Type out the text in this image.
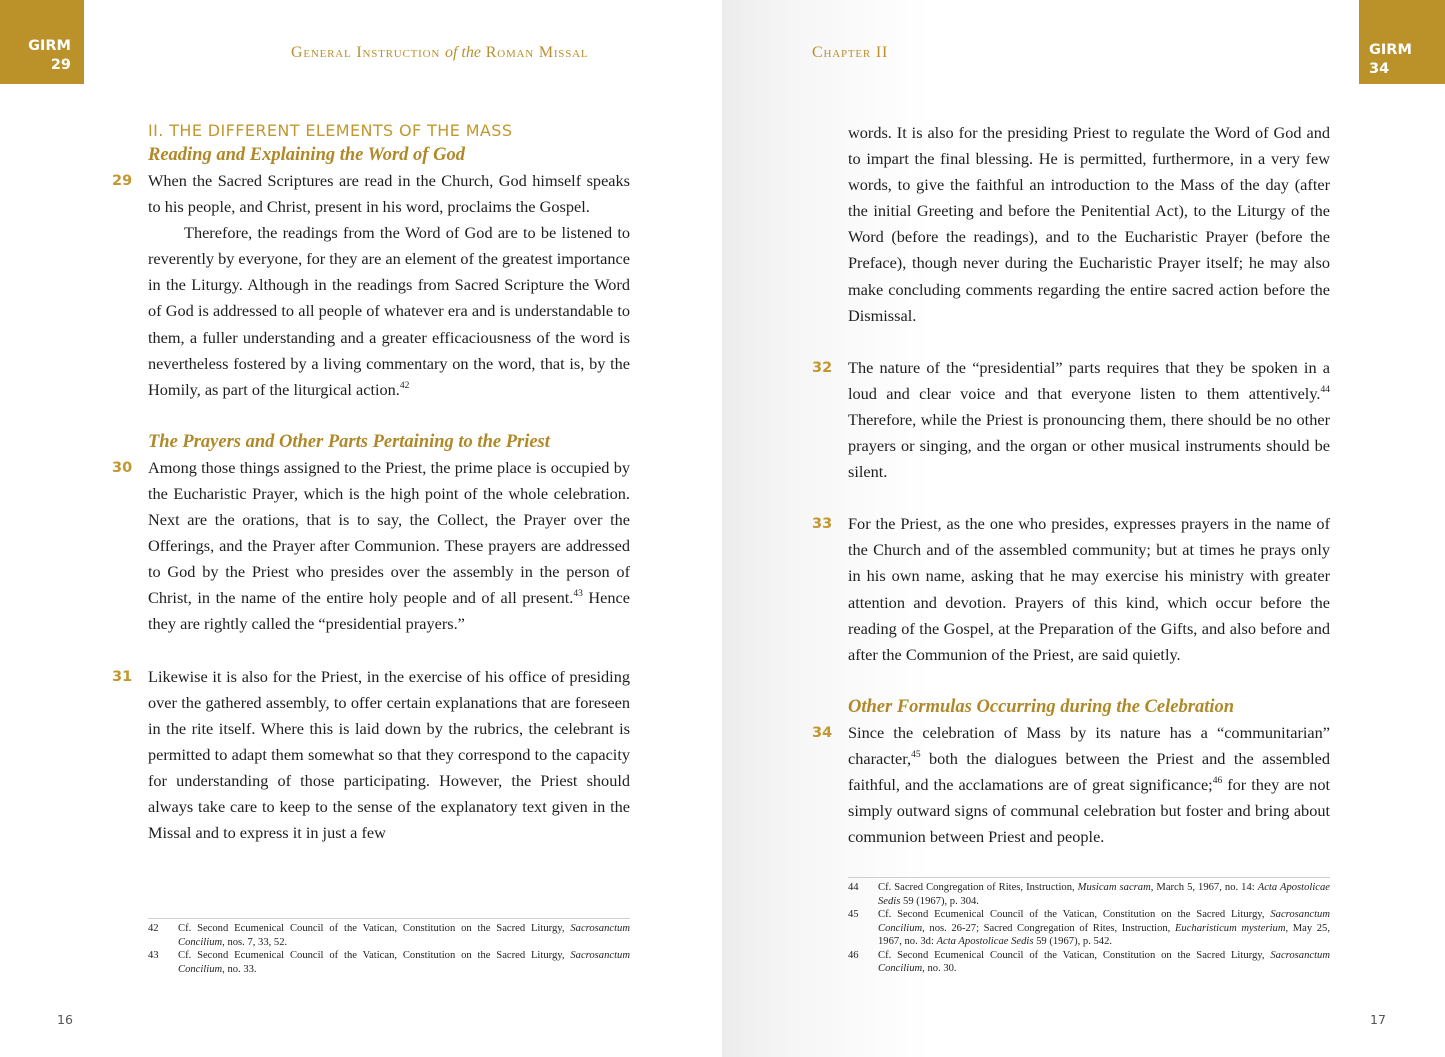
GIRM
29
General Instruction of the Roman Missal
II. THE DIFFERENT ELEMENTS OF THE MASS
Reading and Explaining the Word of God
29 When the Sacred Scriptures are read in the Church, God himself speaks to his people, and Christ, present in his word, proclaims the Gospel.
Therefore, the readings from the Word of God are to be listened to reverently by everyone, for they are an element of the greatest importance in the Liturgy. Although in the readings from Sacred Scripture the Word of God is addressed to all people of whatever era and is understandable to them, a fuller understanding and a greater efficaciousness of the word is nevertheless fostered by a living commentary on the word, that is, by the Homily, as part of the liturgical action.$^{42}$
The Prayers and Other Parts Pertaining to the Priest
30 Among those things assigned to the Priest, the prime place is occupied by the Eucharistic Prayer, which is the high point of the whole celebration. Next are the orations, that is to say, the Collect, the Prayer over the Offerings, and the Prayer after Communion. These prayers are addressed to God by the Priest who presides over the assembly in the person of Christ, in the name of the entire holy people and of all present.$^{43}$ Hence they are rightly called the “presidential prayers.”
31 Likewise it is also for the Priest, in the exercise of his office of presiding over the gathered assembly, to offer certain explanations that are foreseen in the rite itself. Where this is laid down by the rubrics, the celebrant is permitted to adapt them somewhat so that they correspond to the capacity for understanding of those participating. However, the Priest should always take care to keep to the sense of the explanatory text given in the Missal and to express it in just a few
42 Cf. Second Ecumenical Council of the Vatican, Constitution on the Sacred Liturgy, Sacrosanctum Concilium, nos. 7, 33, 52.
43 Cf. Second Ecumenical Council of the Vatican, Constitution on the Sacred Liturgy, Sacrosanctum Concilium, no. 33.
16
Chapter II	GIRM
34
words. It is also for the presiding Priest to regulate the Word of God and to impart the final blessing. He is permitted, furthermore, in a very few words, to give the faithful an introduction to the Mass of the day (after the initial Greeting and before the Penitential Act), to the Liturgy of the Word (before the readings), and to the Eucharistic Prayer (before the Preface), though never during the Eucharistic Prayer itself; he may also make concluding comments regarding the entire sacred action before the Dismissal.
32 The nature of the “presidential” parts requires that they be spoken in a loud and clear voice and that everyone listen to them attentively.$^{44}$ Therefore, while the Priest is pronouncing them, there should be no other prayers or singing, and the organ or other musical instruments should be silent.
33 For the Priest, as the one who presides, expresses prayers in the name of the Church and of the assembled community; but at times he prays only in his own name, asking that he may exercise his ministry with greater attention and devotion. Prayers of this kind, which occur before the reading of the Gospel, at the Preparation of the Gifts, and also before and after the Communion of the Priest, are said quietly.
Other Formulas Occurring during the Celebration
34 Since the celebration of Mass by its nature has a “communitarian” character,$^{45}$ both the dialogues between the Priest and the assembled faithful, and the acclamations are of great significance;$^{46}$ for they are not simply outward signs of communal celebration but foster and bring about communion between Priest and people.
44 Cf. Sacred Congregation of Rites, Instruction, Musicam sacram, March 5, 1967, no. 14: Acta Apostolicae Sedis 59 (1967), p. 304.
45 Cf. Second Ecumenical Council of the Vatican, Constitution on the Sacred Liturgy, Sacrosanctum Concilium, nos. 26-27; Sacred Congregation of Rites, Instruction, Eucharisticum mysterium, May 25, 1967, no. 3d: Acta Apostolicae Sedis 59 (1967), p. 542.
46 Cf. Second Ecumenical Council of the Vatican, Constitution on the Sacred Liturgy, Sacrosanctum Concilium, no. 30.
17
